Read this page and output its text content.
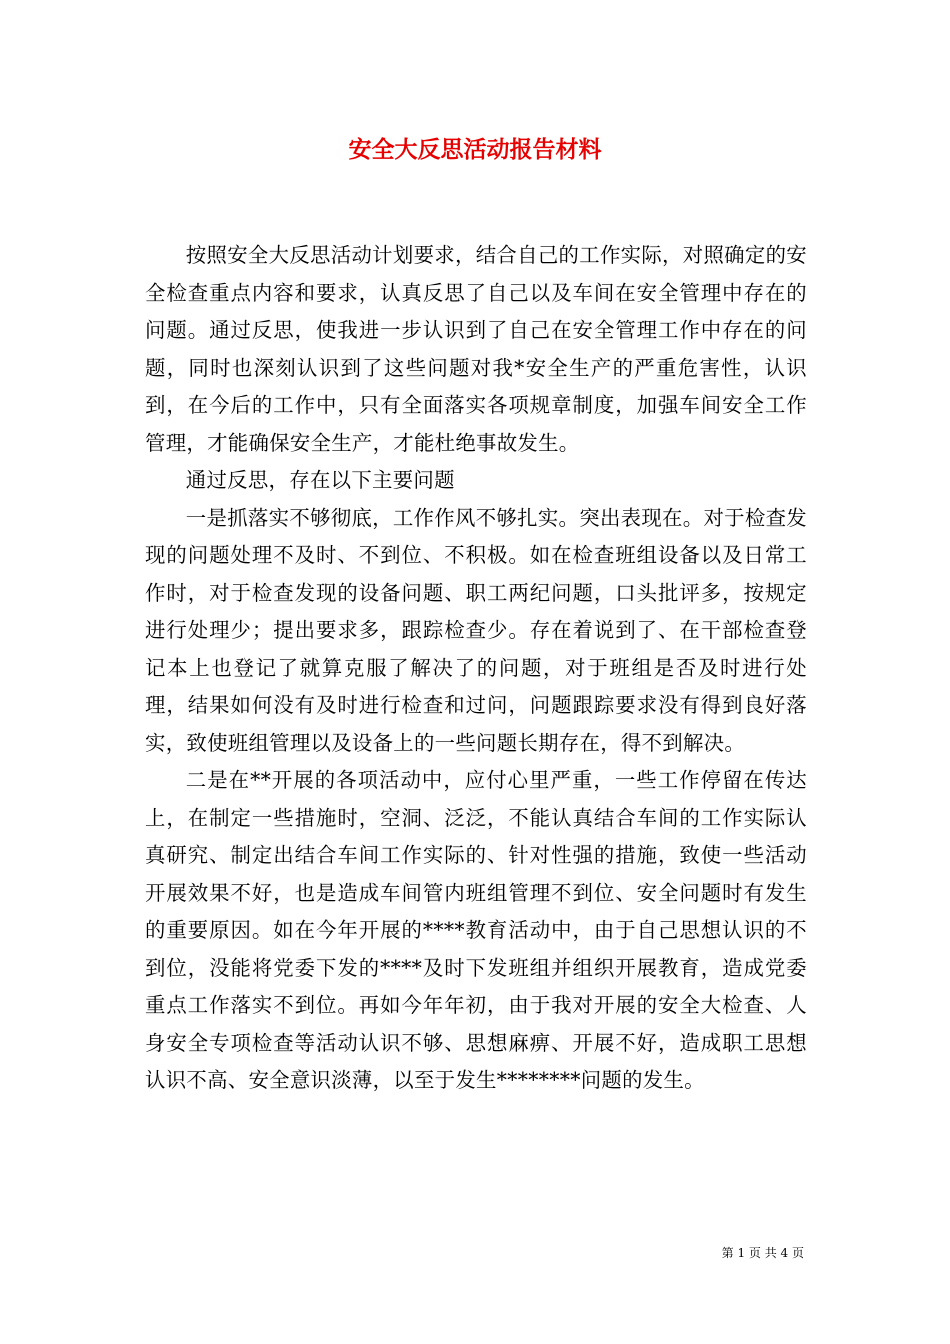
安全大反思活动报告材料

按照安全大反思活动计划要求，结合自己的工作实际，对照确定的安全检查重点内容和要求，认真反思了自己以及车间在安全管理中存在的问题。通过反思，使我进一步认识到了自己在安全管理工作中存在的问题，同时也深刻认识到了这些问题对我*安全生产的严重危害性，认识到，在今后的工作中，只有全面落实各项规章制度，加强车间安全工作管理，才能确保安全生产，才能杜绝事故发生。

通过反思，存在以下主要问题

一是抓落实不够彻底，工作作风不够扎实。突出表现在。对于检查发现的问题处理不及时、不到位、不积极。如在检查班组设备以及日常工作时，对于检查发现的设备问题、职工两纪问题，口头批评多，按规定进行处理少；提出要求多，跟踪检查少。存在着说到了、在干部检查登记本上也登记了就算克服了解决了的问题，对于班组是否及时进行处理，结果如何没有及时进行检查和过问，问题跟踪要求没有得到良好落实，致使班组管理以及设备上的一些问题长期存在，得不到解决。

二是在**开展的各项活动中，应付心里严重，一些工作停留在传达上，在制定一些措施时，空洞、泛泛，不能认真结合车间的工作实际认真研究、制定出结合车间工作实际的、针对性强的措施，致使一些活动开展效果不好，也是造成车间管内班组管理不到位、安全问题时有发生的重要原因。如在今年开展的****教育活动中，由于自己思想认识的不到位，没能将党委下发的****及时下发班组并组织开展教育，造成党委重点工作落实不到位。再如今年年初，由于我对开展的安全大检查、人身安全专项检查等活动认识不够、思想麻痹、开展不好，造成职工思想认识不高、安全意识淡薄，以至于发生********问题的发生。

第 1 页 共 4 页
